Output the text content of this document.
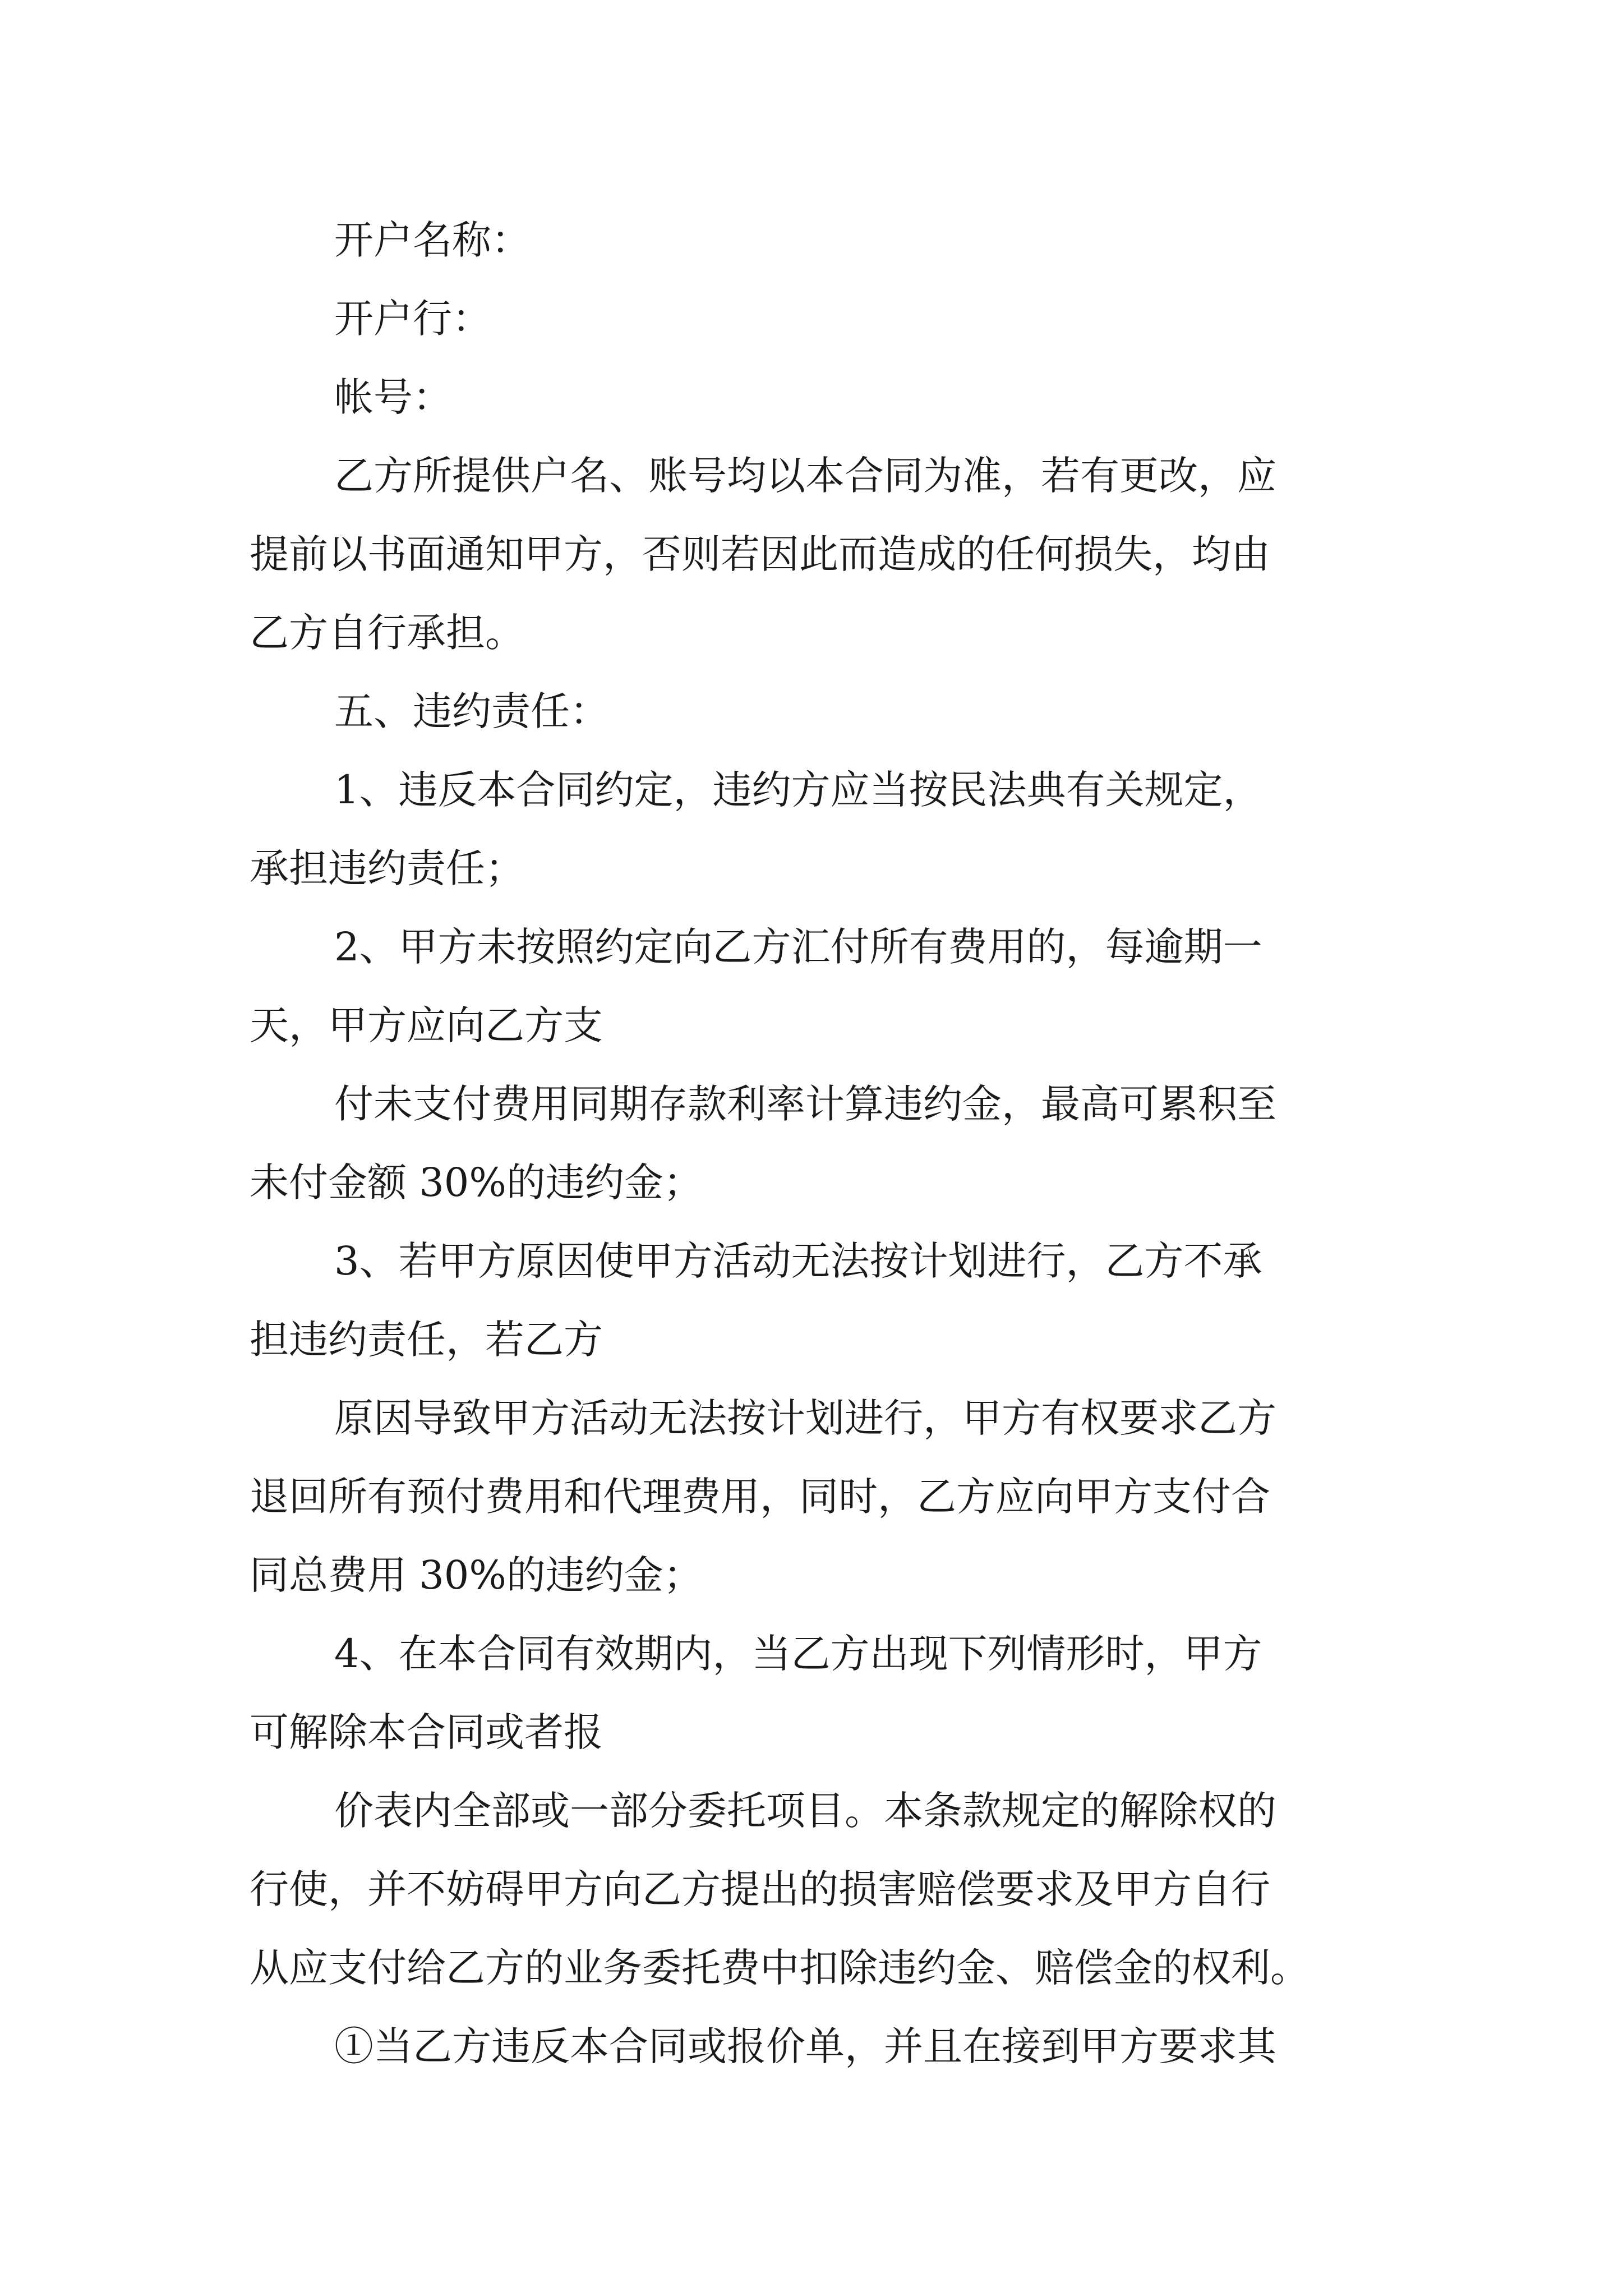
开户名称：
开户行：
帐号：
乙方所提供户名、账号均以本合同为准，若有更改，应
提前以书面通知甲方，否则若因此而造成的任何损失，均由
乙方自行承担。
五、违约责任：
1、违反本合同约定，违约方应当按民法典有关规定，
承担违约责任；
2、甲方未按照约定向乙方汇付所有费用的，每逾期一
天，甲方应向乙方支
付未支付费用同期存款利率计算违约金，最高可累积至
未付金额 30%的违约金；
3、若甲方原因使甲方活动无法按计划进行，乙方不承
担违约责任，若乙方
原因导致甲方活动无法按计划进行，甲方有权要求乙方
退回所有预付费用和代理费用，同时，乙方应向甲方支付合
同总费用 30%的违约金；
4、在本合同有效期内，当乙方出现下列情形时，甲方
可解除本合同或者报
价表内全部或一部分委托项目。本条款规定的解除权的
行使，并不妨碍甲方向乙方提出的损害赔偿要求及甲方自行
从应支付给乙方的业务委托费中扣除违约金、赔偿金的权利。
①当乙方违反本合同或报价单，并且在接到甲方要求其
